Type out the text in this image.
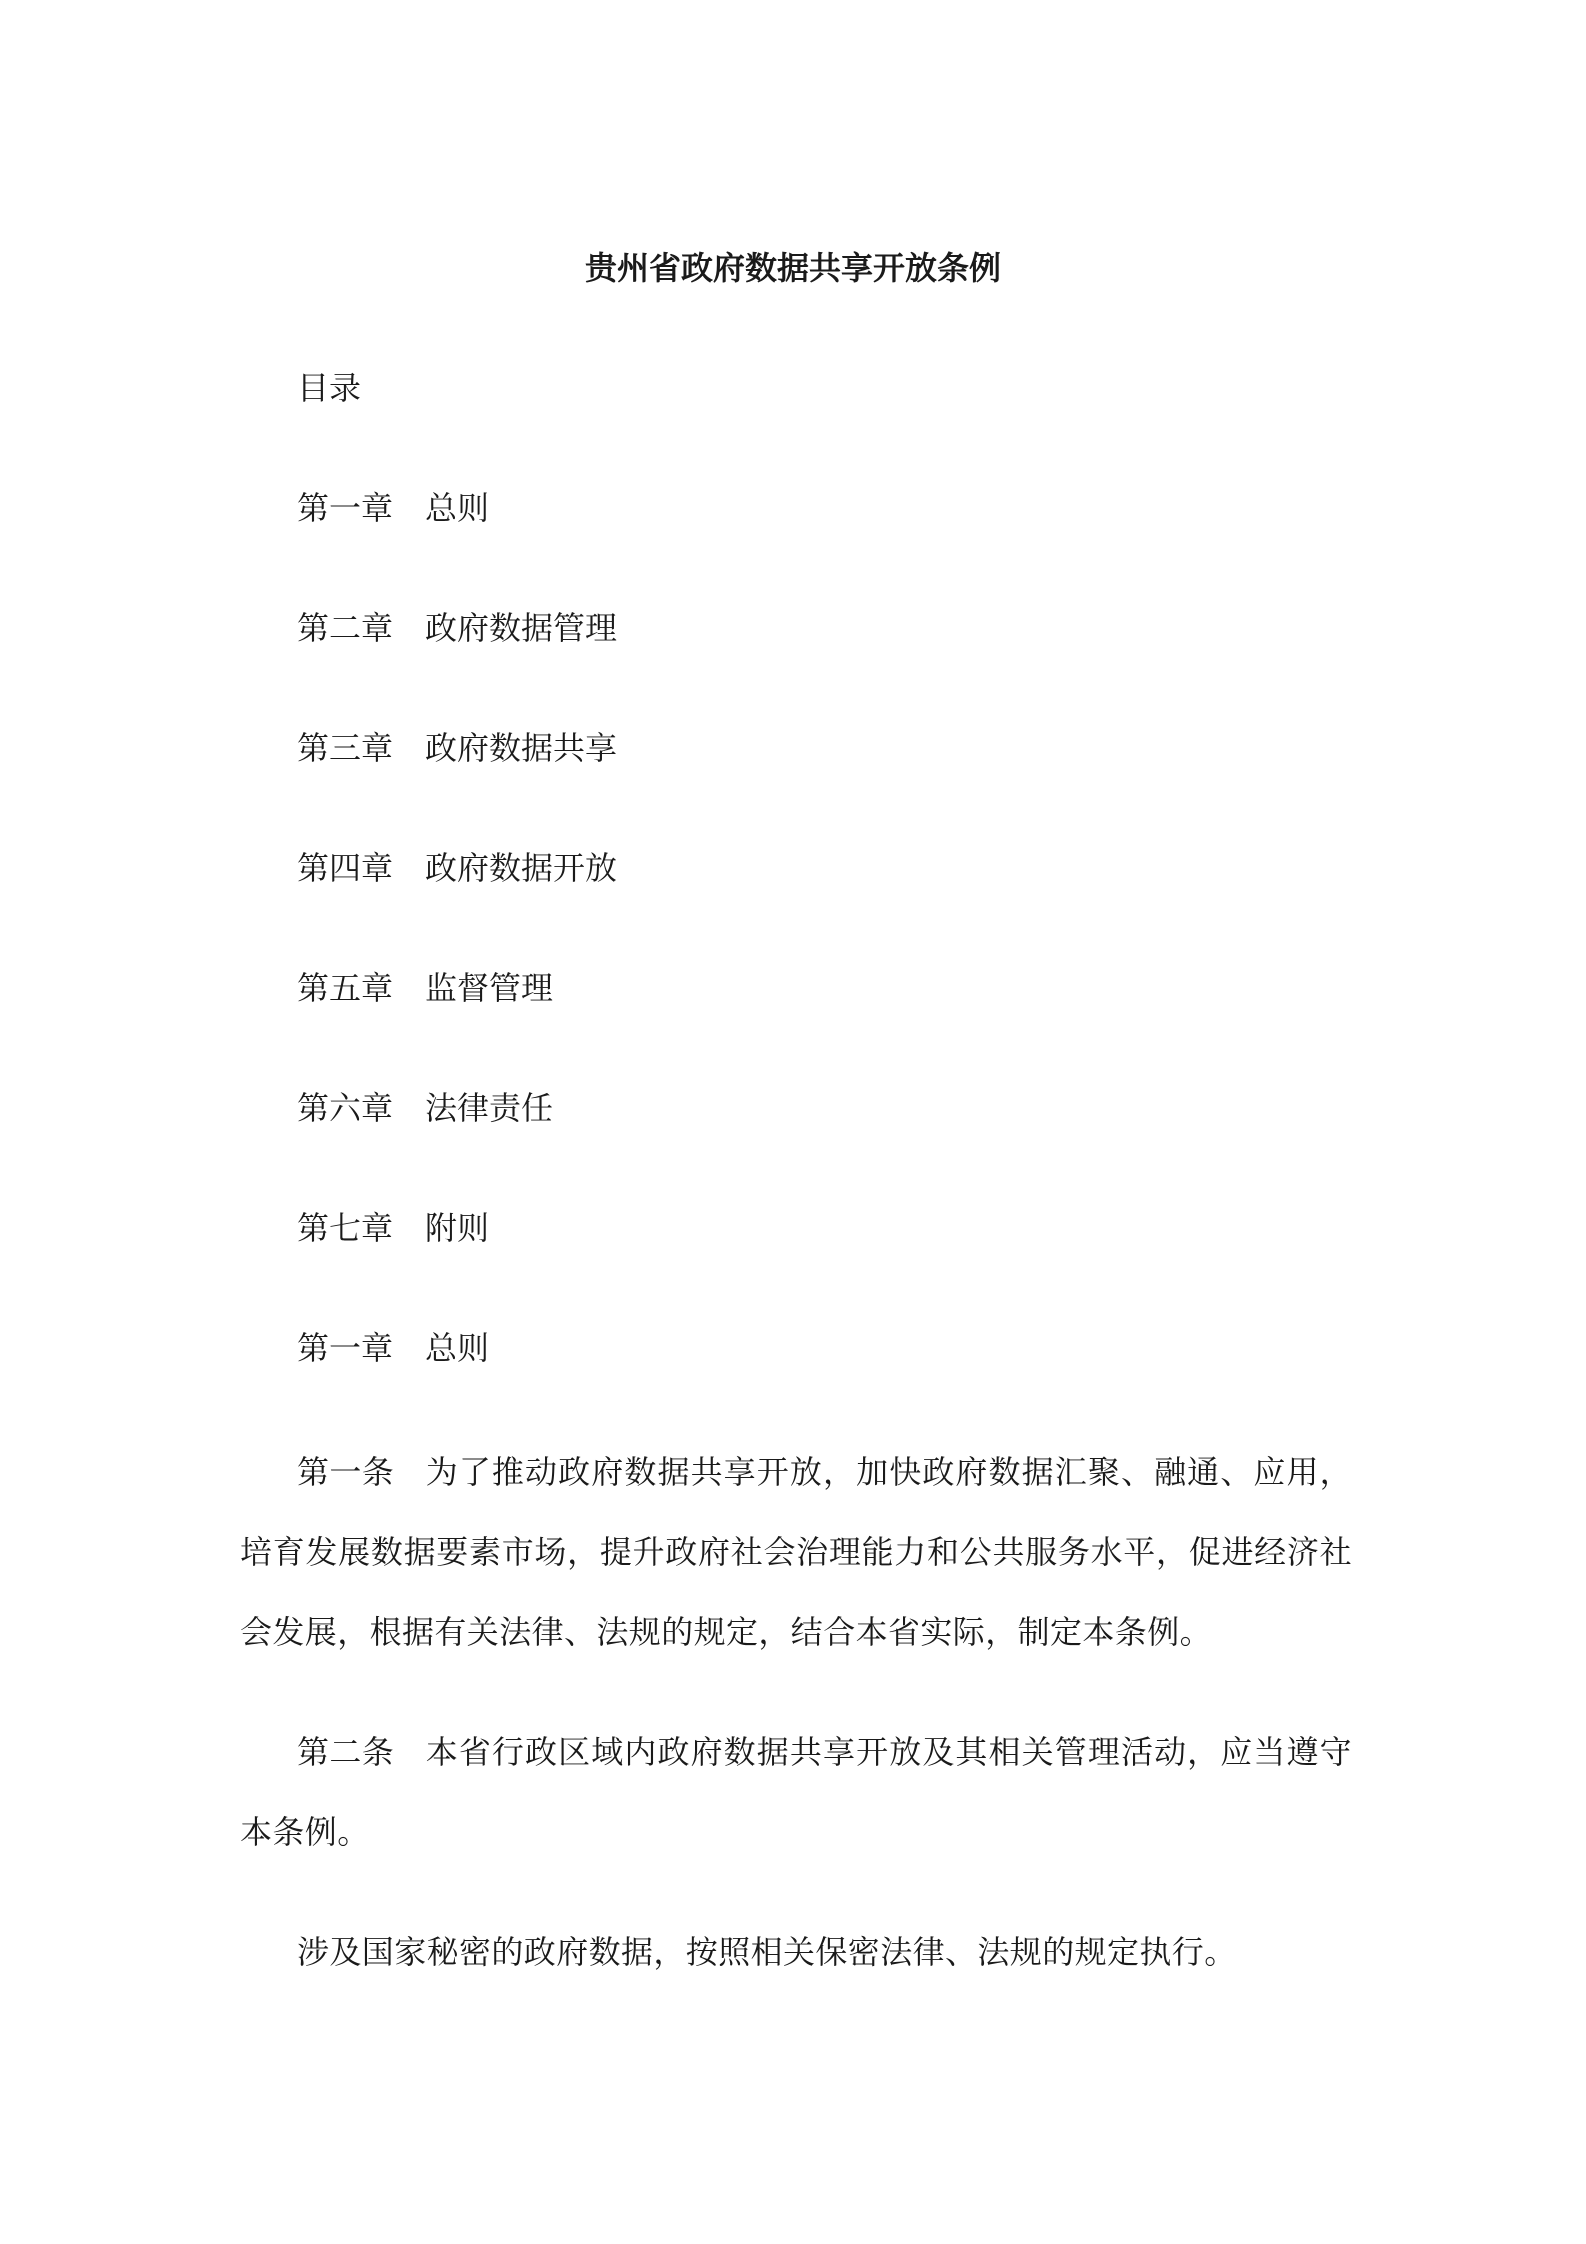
贵州省政府数据共享开放条例
目录
第一章 总则
第二章 政府数据管理
第三章 政府数据共享
第四章 政府数据开放
第五章 监督管理
第六章 法律责任
第七章 附则
第一章 总则
第一条 为了推动政府数据共享开放，加快政府数据汇聚、融通、应用，培育发展数据要素市场，提升政府社会治理能力和公共服务水平，促进经济社会发展，根据有关法律、法规的规定，结合本省实际，制定本条例。
第二条 本省行政区域内政府数据共享开放及其相关管理活动，应当遵守本条例。
涉及国家秘密的政府数据，按照相关保密法律、法规的规定执行。
